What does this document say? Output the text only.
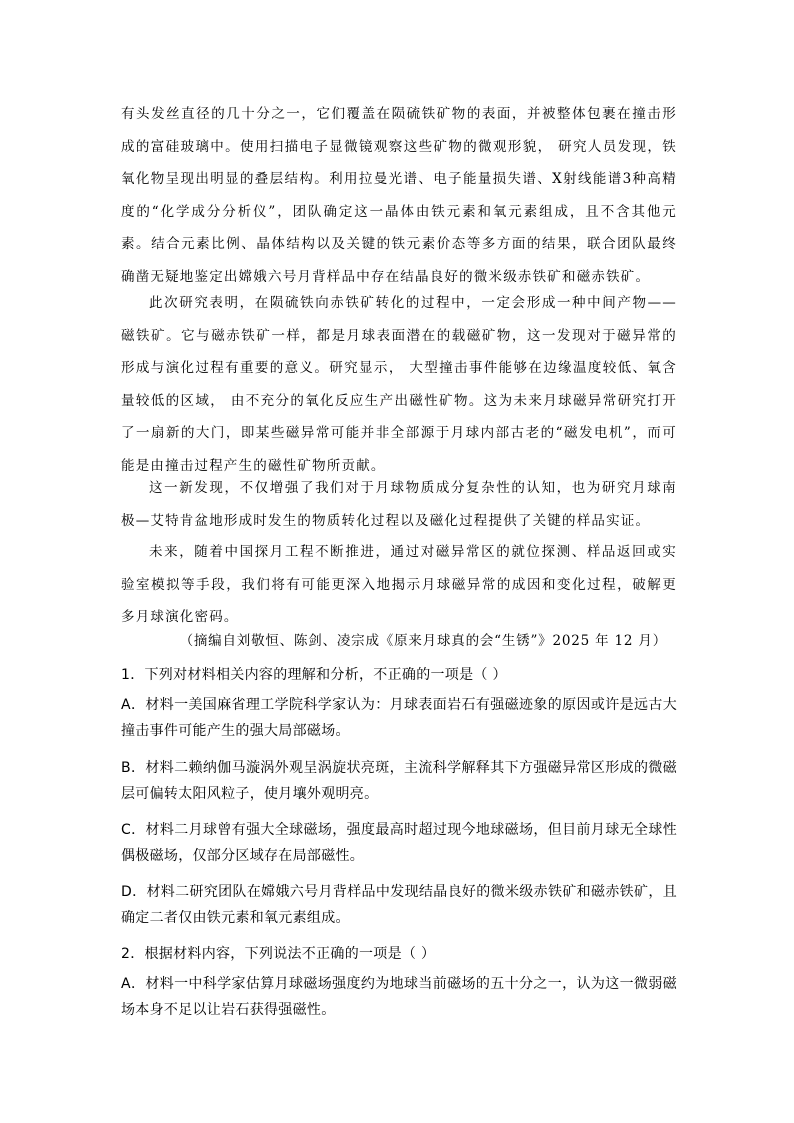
有头发丝直径的几十分之一，它们覆盖在陨硫铁矿物的表面，并被整体包裹在撞击形成的富硅玻璃中。使用扫描电子显微镜观察这些矿物的微观形貌， 研究人员发现，铁氧化物呈现出明显的叠层结构。利用拉曼光谱、电子能量损失谱、X射线能谱3种高精度的“化学成分分析仪”，团队确定这一晶体由铁元素和氧元素组成，且不含其他元素。结合元素比例、晶体结构以及关键的铁元素价态等多方面的结果，联合团队最终确凿无疑地鉴定出嫦娥六号月背样品中存在结晶良好的微米级赤铁矿和磁赤铁矿。

此次研究表明，在陨硫铁向赤铁矿转化的过程中，一定会形成一种中间产物——磁铁矿。它与磁赤铁矿一样，都是月球表面潜在的载磁矿物，这一发现对于磁异常的形成与演化过程有重要的意义。研究显示， 大型撞击事件能够在边缘温度较低、氧含量较低的区域， 由不充分的氧化反应生产出磁性矿物。这为未来月球磁异常研究打开了一扇新的大门，即某些磁异常可能并非全部源于月球内部古老的“磁发电机”，而可能是由撞击过程产生的磁性矿物所贡献。

这一新发现，不仅增强了我们对于月球物质成分复杂性的认知，也为研究月球南极—艾特肯盆地形成时发生的物质转化过程以及磁化过程提供了关键的样品实证。

未来，随着中国探月工程不断推进，通过对磁异常区的就位探测、样品返回或实验室模拟等手段，我们将有可能更深入地揭示月球磁异常的成因和变化过程，破解更多月球演化密码。

（摘编自刘敬恒、陈剑、凌宗成《原来月球真的会“生锈”》2025 年 12 月）

1．下列对材料相关内容的理解和分析，不正确的一项是（ ）

A．材料一美国麻省理工学院科学家认为：月球表面岩石有强磁迹象的原因或许是远古大撞击事件可能产生的强大局部磁场。

B．材料二赖纳伽马漩涡外观呈涡旋状亮斑，主流科学解释其下方强磁异常区形成的微磁层可偏转太阳风粒子，使月壤外观明亮。

C．材料二月球曾有强大全球磁场，强度最高时超过现今地球磁场，但目前月球无全球性偶极磁场，仅部分区域存在局部磁性。

D．材料二研究团队在嫦娥六号月背样品中发现结晶良好的微米级赤铁矿和磁赤铁矿，且确定二者仅由铁元素和氧元素组成。

2．根据材料内容，下列说法不正确的一项是（ ）

A．材料一中科学家估算月球磁场强度约为地球当前磁场的五十分之一，认为这一微弱磁场本身不足以让岩石获得强磁性。
